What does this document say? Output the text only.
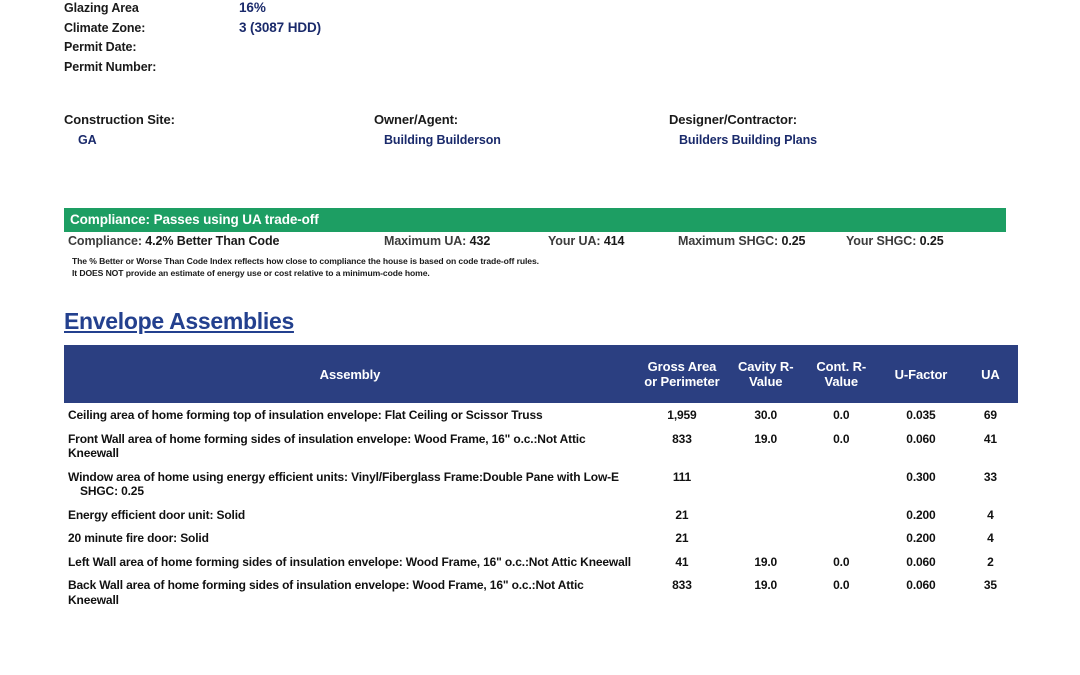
Glazing Area	16%
Climate Zone:	3 (3087 HDD)
Permit Date:
Permit Number:
Construction Site:
GA
Owner/Agent:
Building Builderson
Designer/Contractor:
Builders Building Plans
Compliance: Passes using UA trade-off
Compliance: 4.2% Better Than Code	Maximum UA: 432	Your UA: 414	Maximum SHGC: 0.25	Your SHGC: 0.25
The % Better or Worse Than Code Index reflects how close to compliance the house is based on code trade-off rules.
It DOES NOT provide an estimate of energy use or cost relative to a minimum-code home.
Envelope Assemblies
Assembly	Gross Area or Perimeter	Cavity R-Value	Cont. R-Value	U-Factor	UA
Ceiling area of home forming top of insulation envelope: Flat Ceiling or Scissor Truss	1,959	30.0	0.0	0.035	69
Front Wall area of home forming sides of insulation envelope: Wood Frame, 16" o.c.:Not Attic Kneewall	833	19.0	0.0	0.060	41
Window area of home using energy efficient units: Vinyl/Fiberglass Frame:Double Pane with Low-E
SHGC: 0.25	111			0.300	33
Energy efficient door unit: Solid	21			0.200	4
20 minute fire door: Solid	21			0.200	4
Left Wall area of home forming sides of insulation envelope: Wood Frame, 16" o.c.:Not Attic Kneewall	41	19.0	0.0	0.060	2
Back Wall area of home forming sides of insulation envelope: Wood Frame, 16" o.c.:Not Attic Kneewall	833	19.0	0.0	0.060	35
